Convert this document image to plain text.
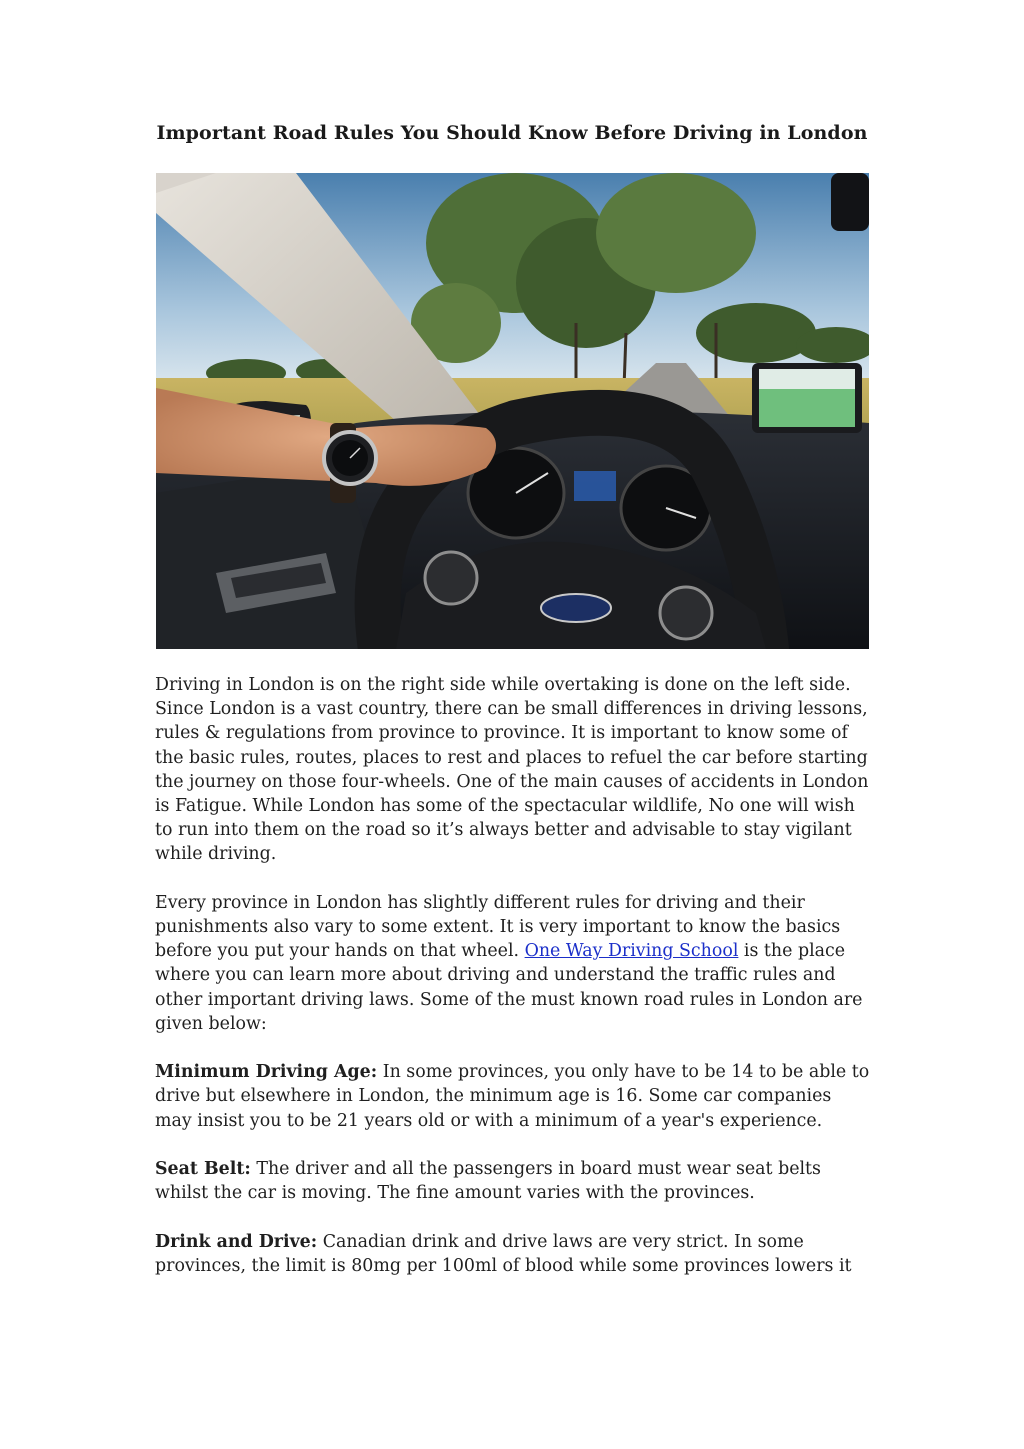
Important Road Rules You Should Know Before Driving in London

Driving in London is on the right side while overtaking is done on the left side. Since London is a vast country, there can be small differences in driving lessons, rules & regulations from province to province. It is important to know some of the basic rules, routes, places to rest and places to refuel the car before starting the journey on those four-wheels. One of the main causes of accidents in London is Fatigue. While London has some of the spectacular wildlife, No one will wish to run into them on the road so it’s always better and advisable to stay vigilant while driving.

Every province in London has slightly different rules for driving and their punishments also vary to some extent. It is very important to know the basics before you put your hands on that wheel. One Way Driving School is the place where you can learn more about driving and understand the traffic rules and other important driving laws. Some of the must known road rules in London are given below:

Minimum Driving Age: In some provinces, you only have to be 14 to be able to drive but elsewhere in London, the minimum age is 16. Some car companies may insist you to be 21 years old or with a minimum of a year's experience.

Seat Belt: The driver and all the passengers in board must wear seat belts whilst the car is moving. The fine amount varies with the provinces.

Drink and Drive: Canadian drink and drive laws are very strict. In some provinces, the limit is 80mg per 100ml of blood while some provinces lowers it
